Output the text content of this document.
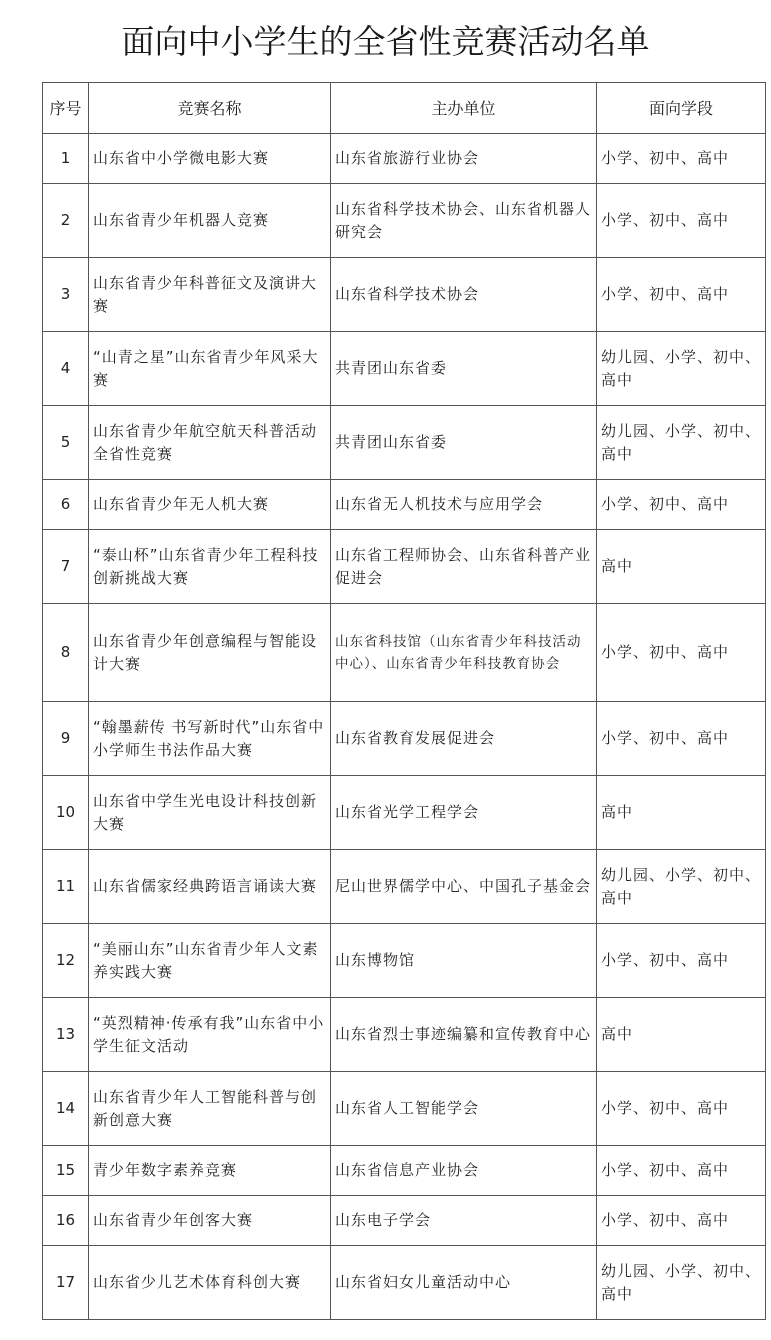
面向中小学生的全省性竞赛活动名单
序号	竞赛名称	主办单位	面向学段
1	山东省中小学微电影大赛	山东省旅游行业协会	小学、初中、高中
2	山东省青少年机器人竞赛	山东省科学技术协会、山东省机器人研究会	小学、初中、高中
3	山东省青少年科普征文及演讲大赛	山东省科学技术协会	小学、初中、高中
4	“山青之星”山东省青少年风采大赛	共青团山东省委	幼儿园、小学、初中、高中
5	山东省青少年航空航天科普活动全省性竞赛	共青团山东省委	幼儿园、小学、初中、高中
6	山东省青少年无人机大赛	山东省无人机技术与应用学会	小学、初中、高中
7	“泰山杯”山东省青少年工程科技创新挑战大赛	山东省工程师协会、山东省科普产业促进会	高中
8	山东省青少年创意编程与智能设计大赛	山东省科技馆（山东省青少年科技活动中心）、山东省青少年科技教育协会	小学、初中、高中
9	“翰墨薪传 书写新时代”山东省中小学师生书法作品大赛	山东省教育发展促进会	小学、初中、高中
10	山东省中学生光电设计科技创新大赛	山东省光学工程学会	高中
11	山东省儒家经典跨语言诵读大赛	尼山世界儒学中心、中国孔子基金会	幼儿园、小学、初中、高中
12	“美丽山东”山东省青少年人文素养实践大赛	山东博物馆	小学、初中、高中
13	“英烈精神·传承有我”山东省中小学生征文活动	山东省烈士事迹编纂和宣传教育中心	高中
14	山东省青少年人工智能科普与创新创意大赛	山东省人工智能学会	小学、初中、高中
15	青少年数字素养竞赛	山东省信息产业协会	小学、初中、高中
16	山东省青少年创客大赛	山东电子学会	小学、初中、高中
17	山东省少儿艺术体育科创大赛	山东省妇女儿童活动中心	幼儿园、小学、初中、高中
